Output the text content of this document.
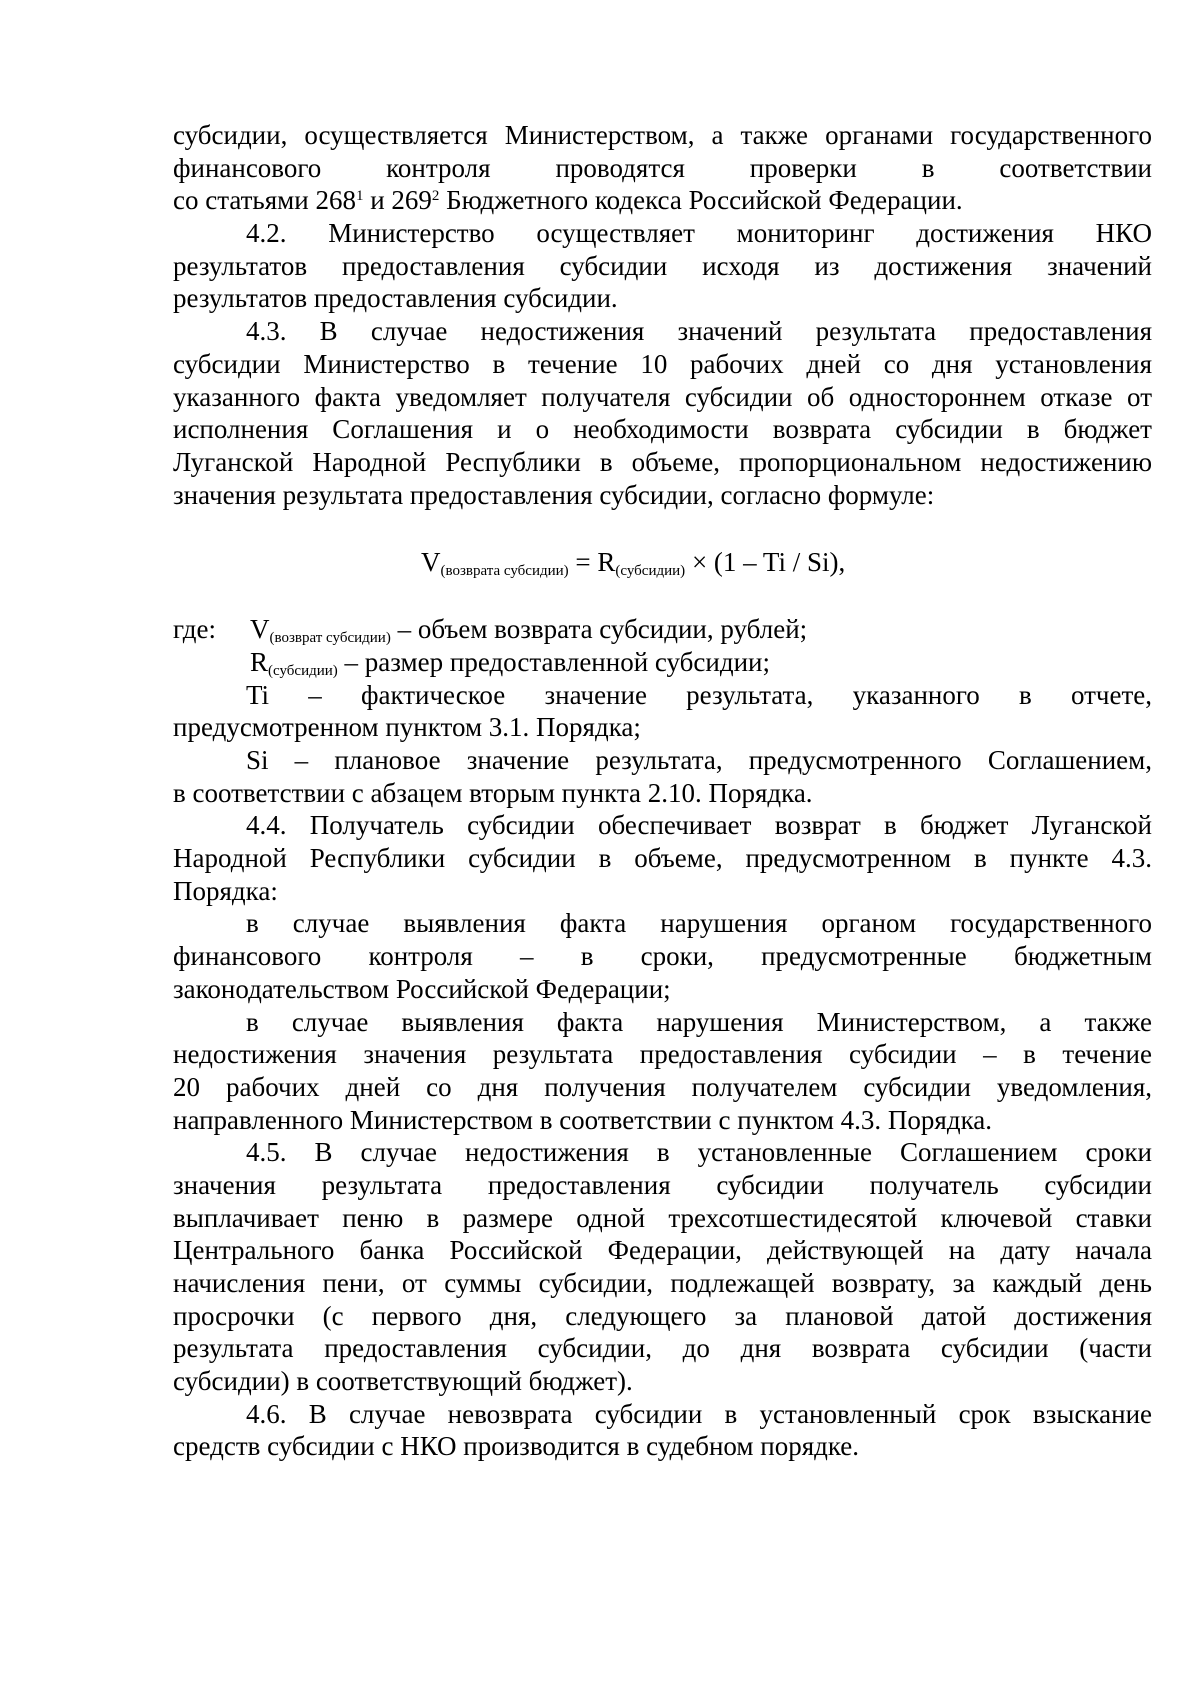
субсидии, осуществляется Министерством, а также органами государственного
финансового контроля проводятся проверки в соответствии
со статьями $268^1$ и $269^2$ Бюджетного кодекса Российской Федерации.
4.2. Министерство осуществляет мониторинг достижения НКО
результатов предоставления субсидии исходя из достижения значений
результатов предоставления субсидии.
4.3. В случае недостижения значений результата предоставления
субсидии Министерство в течение 10 рабочих дней со дня установления
указанного факта уведомляет получателя субсидии об одностороннем отказе от
исполнения Соглашения и о необходимости возврата субсидии в бюджет
Луганской Народной Республики в объеме, пропорциональном недостижению
значения результата предоставления субсидии, согласно формуле:
$V_{(возврата субсидии)} = R_{(субсидии)} \times (1 - Ti / Si)$,
где: $V_{(возврат субсидии)}$ – объем возврата субсидии, рублей;
$R_{(субсидии)}$ – размер предоставленной субсидии;
Ti – фактическое значение результата, указанного в отчете,
предусмотренном пунктом 3.1. Порядка;
Si – плановое значение результата, предусмотренного Соглашением,
в соответствии с абзацем вторым пункта 2.10. Порядка.
4.4. Получатель субсидии обеспечивает возврат в бюджет Луганской
Народной Республики субсидии в объеме, предусмотренном в пункте 4.3.
Порядка:
в случае выявления факта нарушения органом государственного
финансового контроля – в сроки, предусмотренные бюджетным
законодательством Российской Федерации;
в случае выявления факта нарушения Министерством, а также
недостижения значения результата предоставления субсидии – в течение
20 рабочих дней со дня получения получателем субсидии уведомления,
направленного Министерством в соответствии с пунктом 4.3. Порядка.
4.5. В случае недостижения в установленные Соглашением сроки
значения результата предоставления субсидии получатель субсидии
выплачивает пеню в размере одной трехсотшестидесятой ключевой ставки
Центрального банка Российской Федерации, действующей на дату начала
начисления пени, от суммы субсидии, подлежащей возврату, за каждый день
просрочки (с первого дня, следующего за плановой датой достижения
результата предоставления субсидии, до дня возврата субсидии (части
субсидии) в соответствующий бюджет).
4.6. В случае невозврата субсидии в установленный срок взыскание
средств субсидии с НКО производится в судебном порядке.
